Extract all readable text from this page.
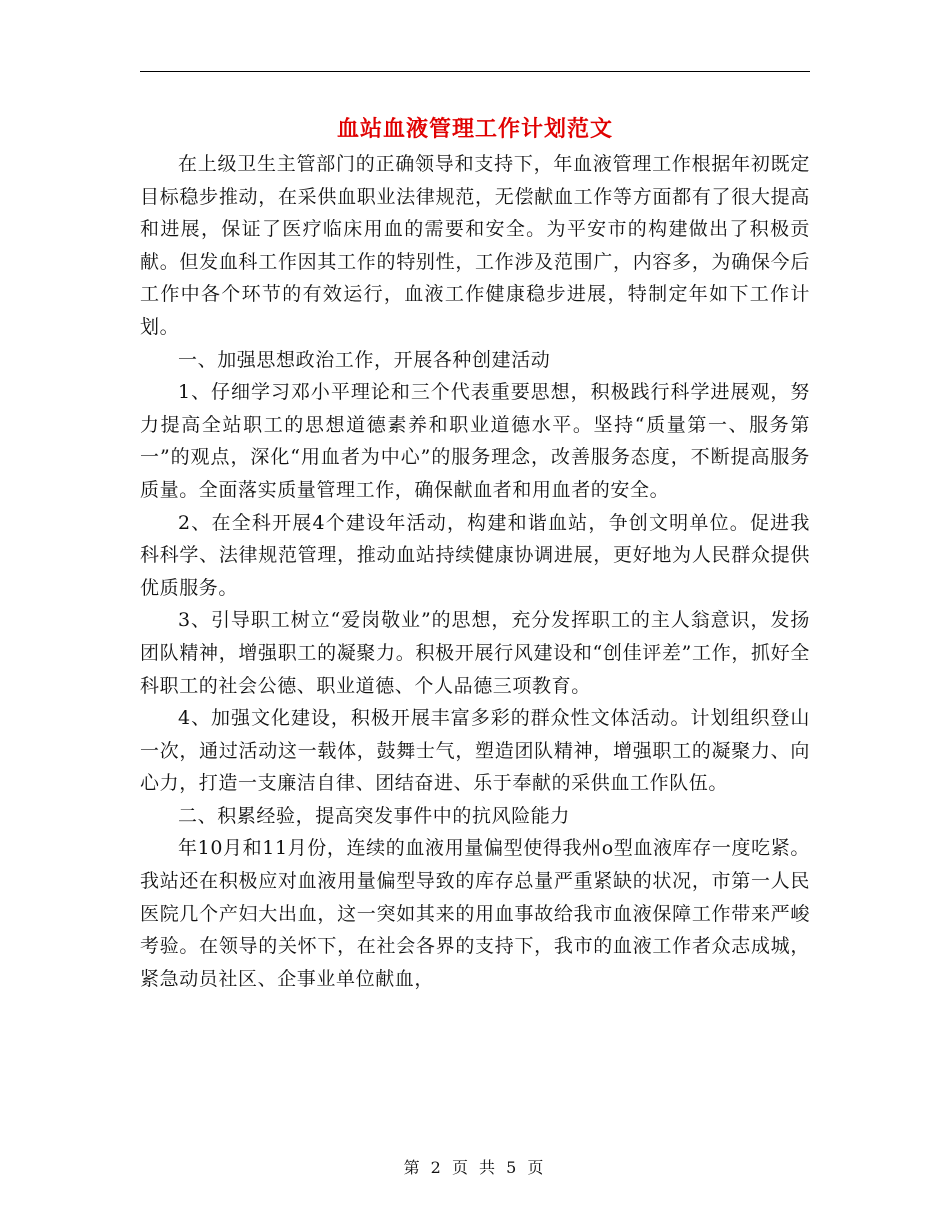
血站血液管理工作计划范文

在上级卫生主管部门的正确领导和支持下，年血液管理工作根据年初既定目标稳步推动，在采供血职业法律规范，无偿献血工作等方面都有了很大提高和进展，保证了医疗临床用血的需要和安全。为平安市的构建做出了积极贡献。但发血科工作因其工作的特别性，工作涉及范围广，内容多，为确保今后工作中各个环节的有效运行，血液工作健康稳步进展，特制定年如下工作计划。

一、加强思想政治工作，开展各种创建活动

1、仔细学习邓小平理论和三个代表重要思想，积极践行科学进展观，努力提高全站职工的思想道德素养和职业道德水平。坚持“质量第一、服务第一”的观点，深化“用血者为中心”的服务理念，改善服务态度，不断提高服务质量。全面落实质量管理工作，确保献血者和用血者的安全。

2、在全科开展4个建设年活动，构建和谐血站，争创文明单位。促进我科科学、法律规范管理，推动血站持续健康协调进展，更好地为人民群众提供优质服务。

3、引导职工树立“爱岗敬业”的思想，充分发挥职工的主人翁意识，发扬团队精神，增强职工的凝聚力。积极开展行风建设和“创佳评差”工作，抓好全科职工的社会公德、职业道德、个人品德三项教育。

4、加强文化建设，积极开展丰富多彩的群众性文体活动。计划组织登山一次，通过活动这一载体，鼓舞士气，塑造团队精神，增强职工的凝聚力、向心力，打造一支廉洁自律、团结奋进、乐于奉献的采供血工作队伍。

二、积累经验，提高突发事件中的抗风险能力

年10月和11月份，连续的血液用量偏型使得我州o型血液库存一度吃紧。我站还在积极应对血液用量偏型导致的库存总量严重紧缺的状况，市第一人民医院几个产妇大出血，这一突如其来的用血事故给我市血液保障工作带来严峻考验。在领导的关怀下，在社会各界的支持下，我市的血液工作者众志成城，紧急动员社区、企事业单位献血，

第 2 页 共 5 页
